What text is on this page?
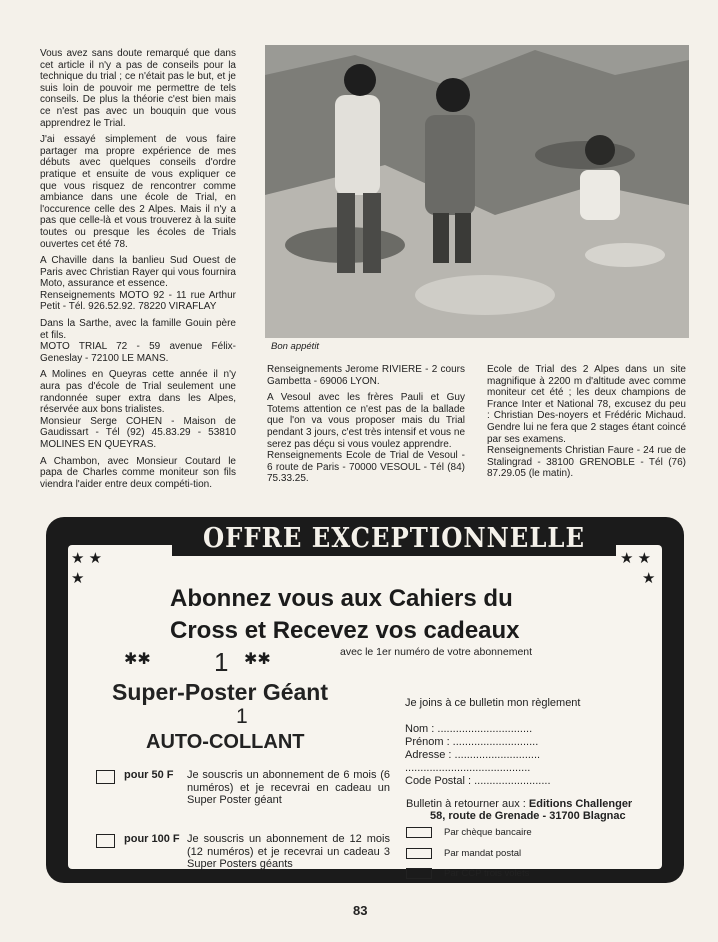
Vous avez sans doute remarqué que dans cet article il n'y a pas de conseils pour la technique du trial ; ce n'était pas le but, et je suis loin de pouvoir me permettre de tels conseils. De plus la théorie c'est bien mais ce n'est pas avec un bouquin que vous apprendrez le Trial.

J'ai essayé simplement de vous faire partager ma propre expérience de mes débuts avec quelques conseils d'ordre pratique et ensuite de vous expliquer ce que vous risquez de rencontrer comme ambiance dans une école de Trial, en l'occurence celle des 2 Alpes. Mais il n'y a pas que celle-là et vous trouverez à la suite toutes ou presque les écoles de Trials ouvertes cet été 78.

A Chaville dans la banlieu Sud Ouest de Paris avec Christian Rayer qui vous fournira Moto, assurance et essence.
Renseignements MOTO 92 - 11 rue Arthur Petit - Tél. 926.52.92. 78220 VIRAFLAY

Dans la Sarthe, avec la famille Gouin père et fils.
MOTO TRIAL 72 - 59 avenue Félix-Geneslay - 72100 LE MANS.

A Molines en Queyras cette année il n'y aura pas d'école de Trial seulement une randonnée super extra dans les Alpes, réservée aux bons trialistes.
Monsieur Serge COHEN - Maison de Gaudissart - Tél (92) 45.83.29 - 53810 MOLINES EN QUEYRAS.

A Chambon, avec Monsieur Coutard le papa de Charles comme moniteur son fils viendra l'aider entre deux compéti-tion.

Bon appétit

Renseignements Jerome RIVIERE - 2 cours Gambetta - 69006 LYON.

A Vesoul avec les frères Pauli et Guy Totems attention ce n'est pas de la ballade que l'on va vous proposer mais du Trial pendant 3 jours, c'est très intensif et vous ne serez pas déçu si vous voulez apprendre.
Renseignements Ecole de Trial de Vesoul - 6 route de Paris - 70000 VESOUL - Tél (84) 75.33.25.

Ecole de Trial des 2 Alpes dans un site magnifique à 2200 m d'altitude avec comme moniteur cet été ; les deux champions de France Inter et National 78, excusez du peu : Christian Des-noyers et Frédéric Michaud. Gendre lui ne fera que 2 stages étant coincé par ses examens.
Renseignements Christian Faure - 24 rue de Stalingrad - 38100 GRENOBLE - Tél (76) 87.29.05 (le matin).

★ ★
★
★ ★
★
Abonnez vous aux Cahiers du
Cross et Recevez vos cadeaux
avec le 1er numéro de votre abonnement
✱✱ 1 ✱✱
Super-Poster Géant
1
AUTO-COLLANT
pour 50 F Je souscris un abonnement de 6 mois (6 numéros) et je recevrai en cadeau un Super Poster géant
pour 100 F Je souscris un abonnement de 12 mois (12 numéros) et je recevrai un cadeau 3 Super Posters géants
Je joins à ce bulletin mon règlement
Nom : ...............................
Prénom : ............................
Adresse : ............................
.........................................
Code Postal : .........................
Bulletin à retourner aux : Editions Challenger
58, route de Grenade - 31700 Blagnac
Par chèque bancaire
Par mandat postal
Par CCP trois volets
OFFRE EXCEPTIONNELLE
83
